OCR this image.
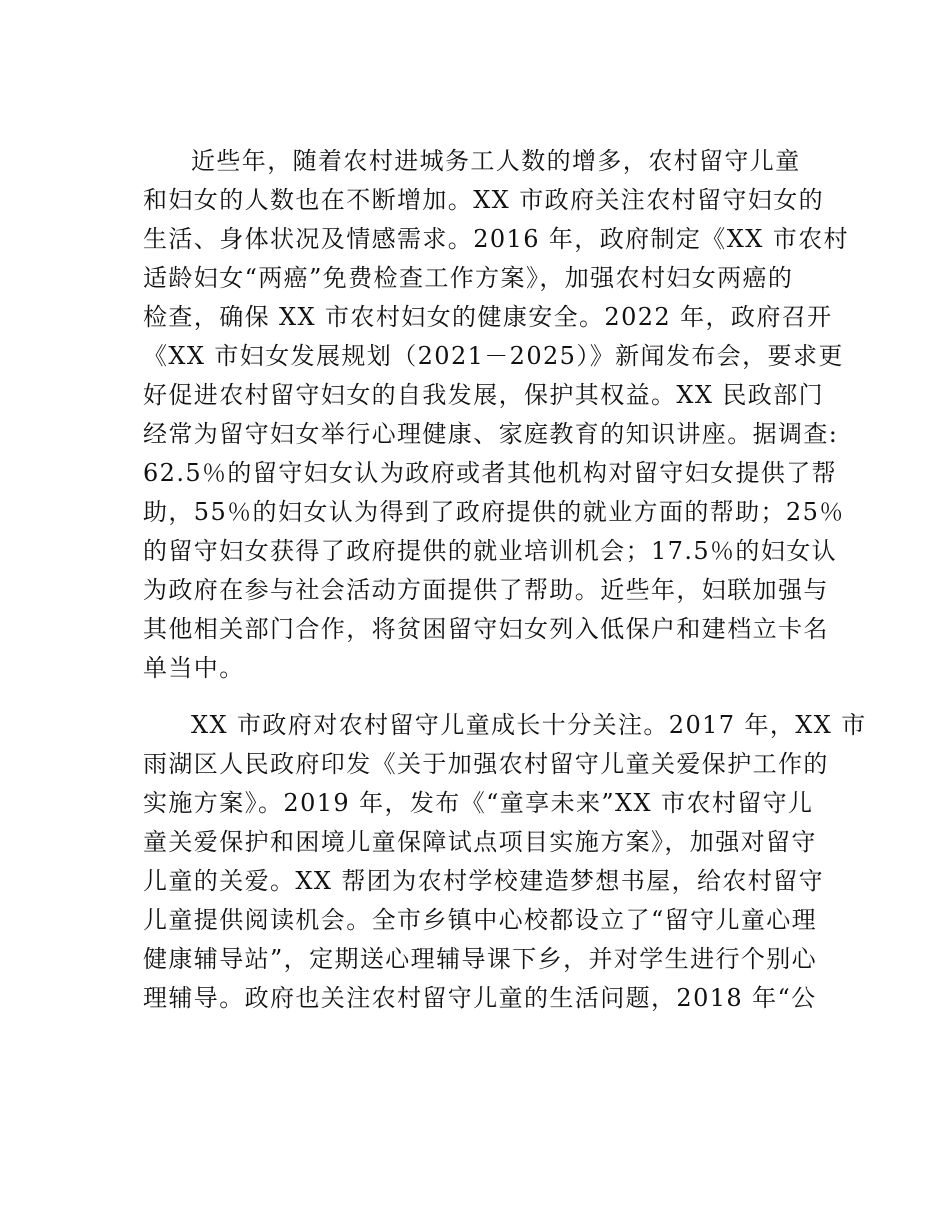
近些年，随着农村进城务工人数的增多，农村留守儿童
和妇女的人数也在不断增加。XX 市政府关注农村留守妇女的
生活、身体状况及情感需求。2016 年，政府制定《XX 市农村
适龄妇女“两癌”免费检查工作方案》，加强农村妇女两癌的
检查，确保 XX 市农村妇女的健康安全。2022 年，政府召开
《XX 市妇女发展规划（2021－2025）》新闻发布会，要求更
好促进农村留守妇女的自我发展，保护其权益。XX 民政部门
经常为留守妇女举行心理健康、家庭教育的知识讲座。据调查:
62.5％的留守妇女认为政府或者其他机构对留守妇女提供了帮
助，55％的妇女认为得到了政府提供的就业方面的帮助；25％
的留守妇女获得了政府提供的就业培训机会；17.5％的妇女认
为政府在参与社会活动方面提供了帮助。近些年，妇联加强与
其他相关部门合作，将贫困留守妇女列入低保户和建档立卡名
单当中。

XX 市政府对农村留守儿童成长十分关注。2017 年，XX 市
雨湖区人民政府印发《关于加强农村留守儿童关爱保护工作的
实施方案》。2019 年，发布《“童享未来”XX 市农村留守儿
童关爱保护和困境儿童保障试点项目实施方案》，加强对留守
儿童的关爱。XX 帮团为农村学校建造梦想书屋，给农村留守
儿童提供阅读机会。全市乡镇中心校都设立了“留守儿童心理
健康辅导站”，定期送心理辅导课下乡，并对学生进行个别心
理辅导。政府也关注农村留守儿童的生活问题，2018 年“公
